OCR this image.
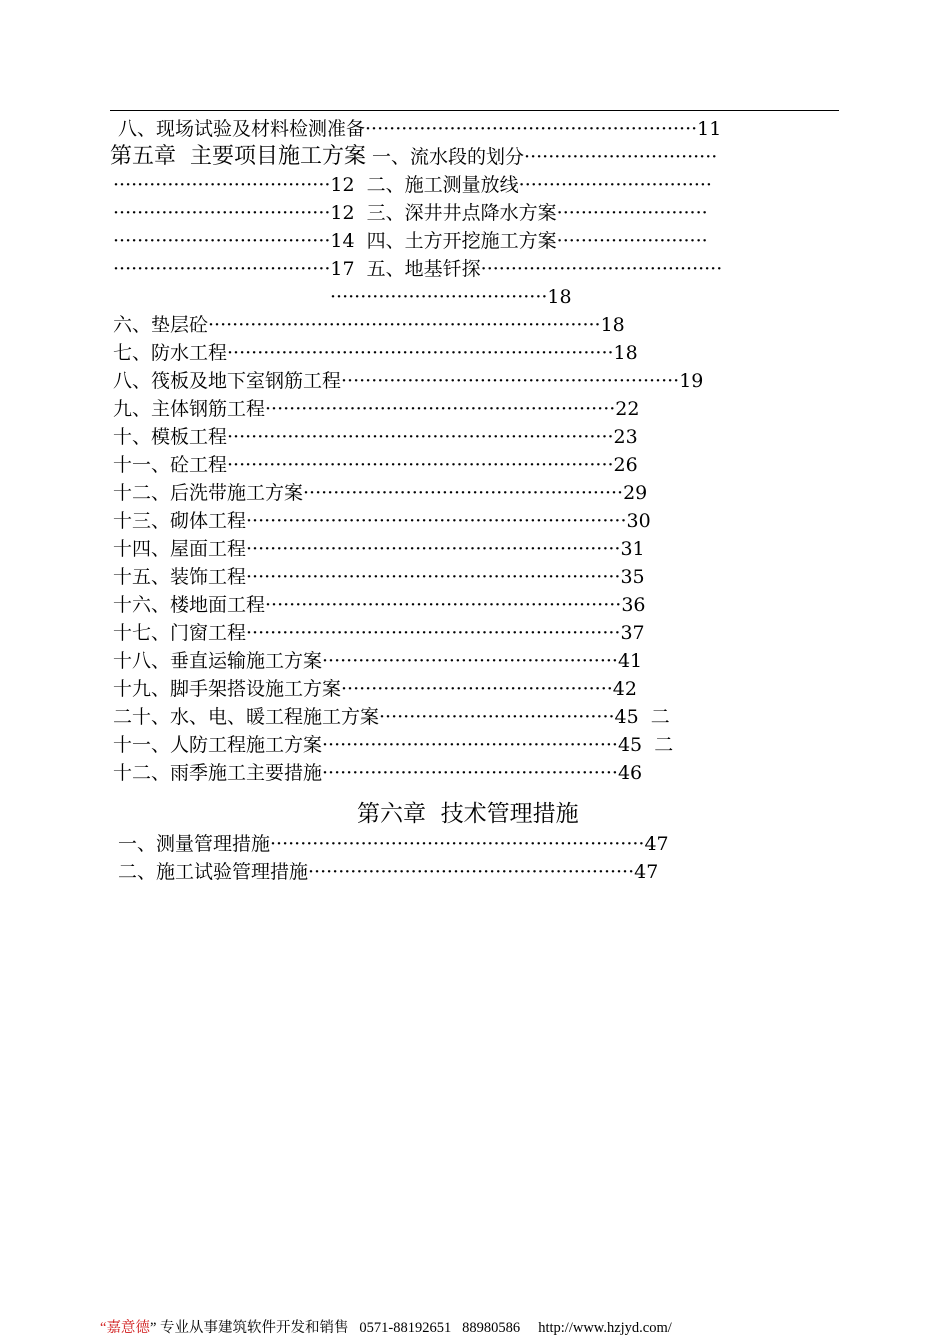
八、现场试验及材料检测准备·······················································11
第五章  主要项目施工方案 一、流水段的划分································
····································12  二、施工测量放线································
····································12  三、深井井点降水方案·························
····································14  四、土方开挖施工方案·························
····································17  五、地基钎探········································
····································18
六、垫层砼·································································18
七、防水工程································································18
八、筏板及地下室钢筋工程························································19
九、主体钢筋工程··························································22
十、模板工程································································23
十一、砼工程································································26
十二、后洗带施工方案·····················································29
十三、砌体工程·······························································30
十四、屋面工程······························································31
十五、装饰工程······························································35
十六、楼地面工程···························································36
十七、门窗工程······························································37
十八、垂直运输施工方案·················································41
十九、脚手架搭设施工方案·············································42
二十、水、电、暖工程施工方案·······································45  二
十一、人防工程施工方案·················································45  二
十二、雨季施工主要措施·················································46
第六章  技术管理措施
一、测量管理措施······························································47
二、施工试验管理措施······················································47
“嘉意德” 专业从事建筑软件开发和销售   0571-88192651   88980586     http://www.hzjyd.com/
